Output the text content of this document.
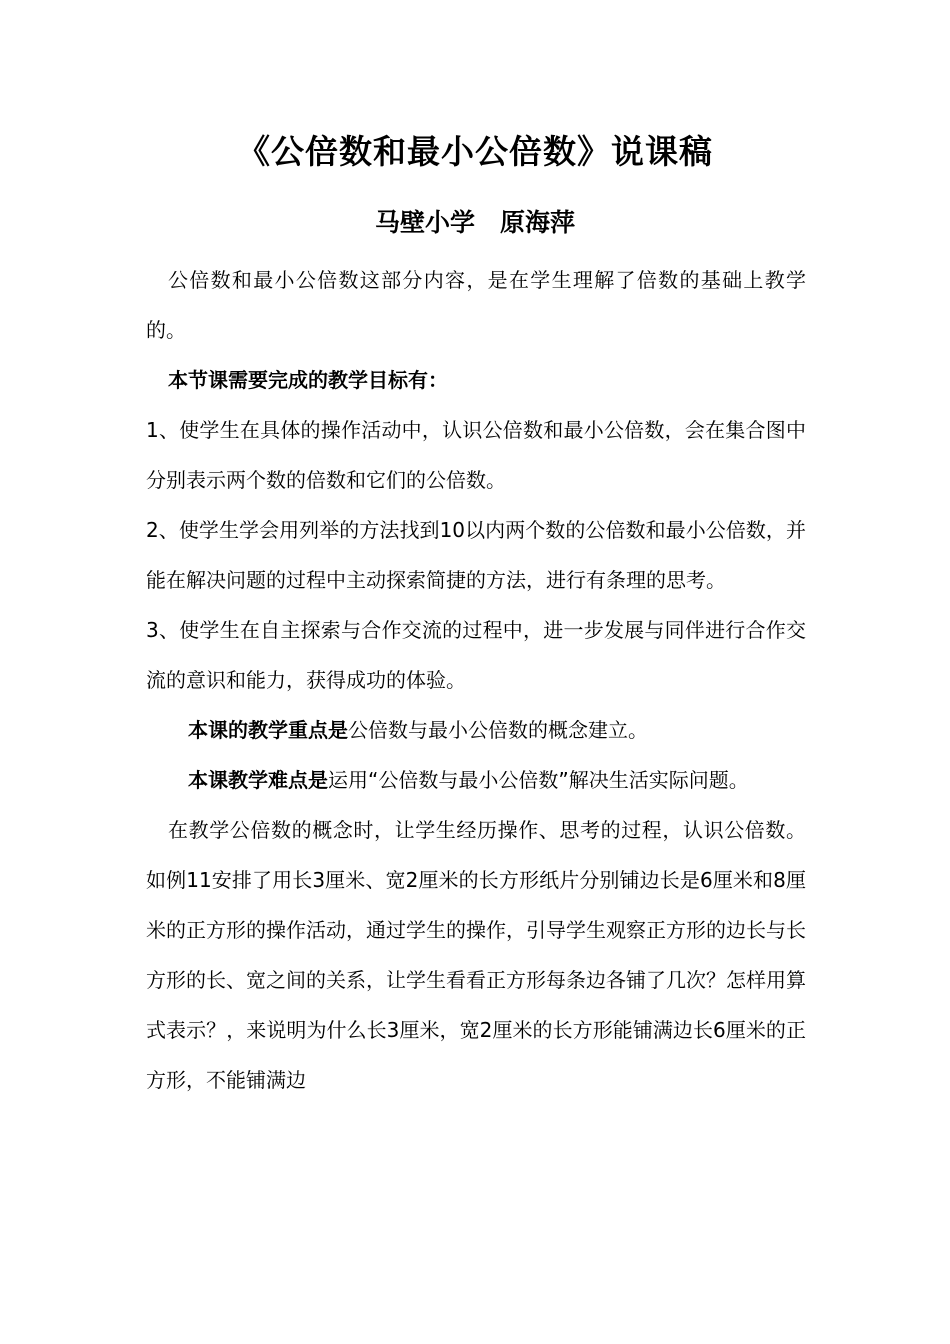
《公倍数和最小公倍数》说课稿
马壁小学　原海萍

公倍数和最小公倍数这部分内容，是在学生理解了倍数的基础上教学的。

本节课需要完成的教学目标有：

1、使学生在具体的操作活动中，认识公倍数和最小公倍数，会在集合图中分别表示两个数的倍数和它们的公倍数。

2、使学生学会用列举的方法找到10以内两个数的公倍数和最小公倍数，并能在解决问题的过程中主动探索简捷的方法，进行有条理的思考。

3、使学生在自主探索与合作交流的过程中，进一步发展与同伴进行合作交流的意识和能力，获得成功的体验。

本课的教学重点是公倍数与最小公倍数的概念建立。

本课教学难点是运用“公倍数与最小公倍数”解决生活实际问题。

在教学公倍数的概念时，让学生经历操作、思考的过程，认识公倍数。如例11安排了用长3厘米、宽2厘米的长方形纸片分别铺边长是6厘米和8厘米的正方形的操作活动，通过学生的操作，引导学生观察正方形的边长与长方形的长、宽之间的关系，让学生看看正方形每条边各铺了几次？怎样用算式表示？，来说明为什么长3厘米，宽2厘米的长方形能铺满边长6厘米的正方形，不能铺满边
